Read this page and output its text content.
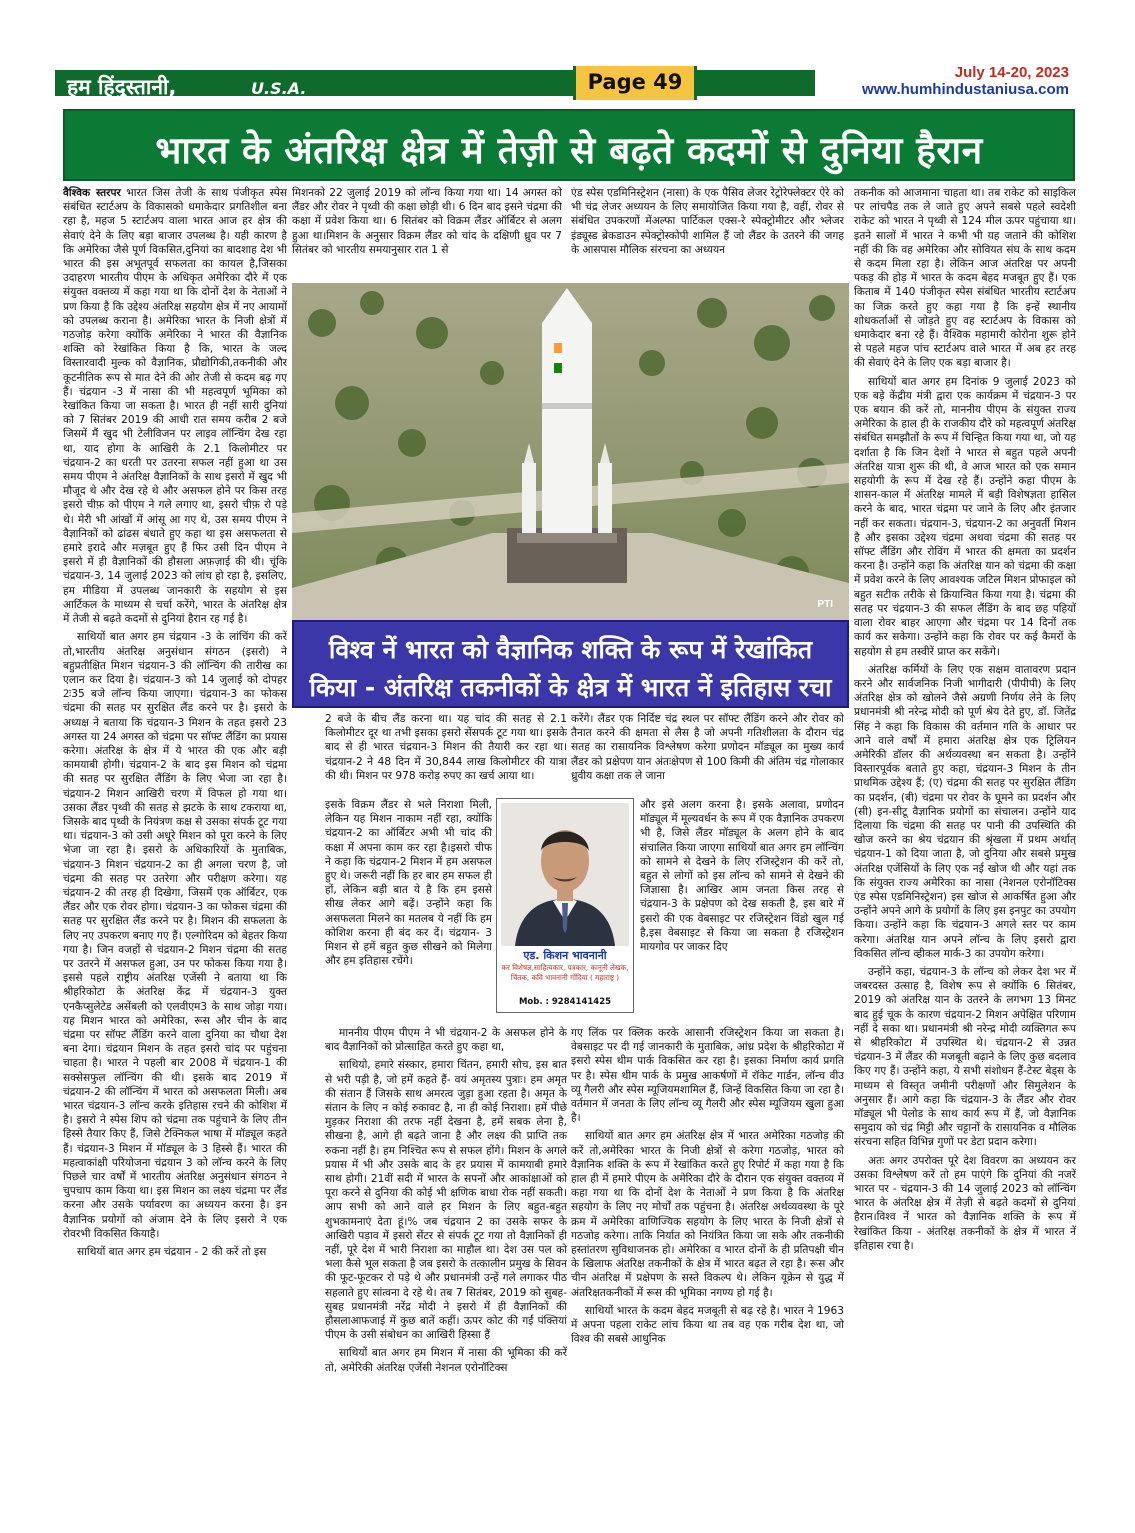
हम हिंदुस्तानी,	U.S.A.	Page 49	July 14-20, 2023
www.humhindustaniusa.com
भारत के अंतरिक्ष क्षेत्र में तेज़ी से बढ़ते कदमों से दुनिया हैरान

वैश्विक स्तरपर भारत जिस तेजी के साथ पंजीकृत स्पेस संबंधित स्टार्टअप के विकासको धमाकेदार प्रगतिशील बना रहा है, महज 5 स्टार्टअप वाला भारत आज हर क्षेत्र की सेवाएं देने के लिए बड़ा बाजार उपलब्ध है। यही कारण है कि अमेरिका जैसे पूर्ण विकसित,दुनियां का बादशाह देश भी भारत की इस अभूतपूर्व सफलता का कायल है,जिसका उदाहरण भारतीय पीएम के अधिकृत अमेरिका दौरे में एक संयुक्त वक्तव्य में कहा गया था कि दोनों देश के नेताओं ने प्रण किया है कि उद्देश्य अंतरिक्ष सहयोग क्षेत्र में नए आयामों को उपलब्ध कराना है। अमेरिका भारत के निजी क्षेत्रों में गठजोड़ करेगा क्योंकि अमेरिका ने भारत की वैज्ञानिक शक्ति को रेखांकित किया है कि, भारत के जल्द विस्तारवादी मुल्क को वैज्ञानिक, प्रौद्योगिकी,तकनीकी और कूटनीतिक रूप से मात देने की ओर तेजी से कदम बढ़ गए हैं। चंद्रयान -3 में नासा की भी महत्वपूर्ण भूमिका को रेखांकित किया जा सकता है। भारत ही नहीं सारी दुनियां को 7 सितंबर 2019 की आधी रात समय करीब 2 बजे जिसमें मैं खुद भी टेलीविजन पर लाइव लॉन्चिंग देख रहा था, याद होगा के आखिरी के 2.1 किलोमीटर पर चंद्रयान-2 का धरती पर उतरना सफल नहीं हुआ था उस समय पीएम ने अंतरिक्ष वैज्ञानिकों के साथ इसरो में खुद भी मौजूद थे और देख रहे थे और असफल होने पर किस तरह इसरो चीफ़ को पीएम ने गले लगाए था, इसरो चीफ़ रो पड़े थे। मेरी भी आंखों में आंसू आ गए थे, उस समय पीएम ने वैज्ञानिकों को ढांढस बंधाते हुए कहा था इस असफलता से हमारे इरादे और मज़बूत हुए हैं फिर उसी दिन पीएम ने इसरो में ही वैज्ञानिकों की हौसला अफ़ज़ाई की थी। चूंकि चंद्रयान-3, 14 जुलाई 2023 को लांच हो रहा है, इसलिए, हम मीडिया में उपलब्ध जानकारी के सहयोग से इस आर्टिकल के माध्यम से चर्चा करेंगे, भारत के अंतरिक्ष क्षेत्र में तेजी से बढ़ते कदमों से दुनियां हैरान रह गई है।

साथियों बात अगर हम चंद्रयान -3 के लांचिंग की करें तो,भारतीय अंतरिक्ष अनुसंधान संगठन (इसरो) ने बहुप्रतीक्षित मिशन चंद्रयान-3 की लॉन्चिंग की तारीख का एलान कर दिया है। चंद्रयान-3 को 14 जुलाई को दोपहर 2ः35 बजे लॉन्च किया जाएगा। चंद्रयान-3 का फोकस चंद्रमा की सतह पर सुरक्षित लैंड करने पर है। इसरो के अध्यक्ष ने बताया कि चंद्रयान-3 मिशन के तहत इसरो 23 अगस्त या 24 अगस्त को चंद्रमा पर सॉफ्ट लैंडिंग का प्रयास करेगा। अंतरिक्ष के क्षेत्र में ये भारत की एक और बड़ी कामयाबी होगी। चंद्रयान-2 के बाद इस मिशन को चंद्रमा की सतह पर सुरक्षित लैंडिंग के लिए भेजा जा रहा है। चंद्रयान-2 मिशन आखिरी चरण में विफल हो गया था। उसका लैंडर पृथ्वी की सतह से झटके के साथ टकराया था, जिसके बाद पृथ्वी के नियंत्रण कक्ष से उसका संपर्क टूट गया था। चंद्रयान-3 को उसी अधूरे मिशन को पूरा करने के लिए भेजा जा रहा है। इसरो के अधिकारियों के मुताबिक, चंद्रयान-3 मिशन चंद्रयान-2 का ही अगला चरण है, जो चंद्रमा की सतह पर उतरेगा और परीक्षण करेगा। यह चंद्रयान-2 की तरह ही दिखेगा, जिसमें एक ऑर्बिटर, एक लैंडर और एक रोवर होगा। चंद्रयान-3 का फोकस चंद्रमा की सतह पर सुरक्षित लैंड करने पर है। मिशन की सफलता के लिए नए उपकरण बनाए गए हैं। एल्गोरिदम को बेहतर किया गया है। जिन वजहों से चंद्रयान-2 मिशन चंद्रमा की सतह पर उतरने में असफल हुआ, उन पर फोकस किया गया है। इससे पहले राष्ट्रीय अंतरिक्ष एजेंसी ने बताया था कि श्रीहरिकोटा के अंतरिक्ष केंद्र में चंद्रयान-3 युक्त एनकैप्सुलेटेड असेंबली को एलवीएम3 के साथ जोड़ा गया। यह मिशन भारत को अमेरिका, रूस और चीन के बाद चंद्रमा पर सॉफ्ट लैंडिंग करने वाला दुनिया का चौथा देश बना देगा। चंद्रयान मिशन के तहत इसरो चांद पर पहुंचना चाहता है। भारत ने पहली बार 2008 में चंद्रयान-1 की सक्सेसफुल लॉन्चिंग की थी। इसके बाद 2019 में चंद्रयान-2 की लॉन्चिंग में भारत को असफलता मिली। अब भारत चंद्रयान-3 लॉन्च करके इतिहास रचने की कोशिश में है। इसरो ने स्पेस शिप को चंद्रमा तक पहुंचाने के लिए तीन हिस्से तैयार किए हैं, जिसे टेक्निकल भाषा में मॉड्यूल कहते हैं। चंद्रयान-3 मिशन में मॉड्यूल के 3 हिस्से हैं। भारत की महत्वाकांक्षी परियोजना चंद्रयान 3 को लॉन्च करने के लिए पिछले चार वर्षों में भारतीय अंतरिक्ष अनुसंधान संगठन ने चुपचाप काम किया था। इस मिशन का लक्ष्य चंद्रमा पर लैंड करना और उसके पर्यावरण का अध्ययन करना है। इन वैज्ञानिक प्रयोगों को अंजाम देने के लिए इसरो ने एक रोवरभी विकसित कियाहै।

साथियों बात अगर हम चंद्रयान - 2 की करें तो इस

मिशनको 22 जुलाई 2019 को लॉन्च किया गया था। 14 अगस्त को लैंडर और रोवर ने पृथ्वी की कक्षा छोड़ी थी। 6 दिन बाद इसने चंद्रमा की कक्षा में प्रवेश किया था। 6 सितंबर को विक्रम लैंडर ऑर्बिटर से अलग हुआ था।मिशन के अनुसार विक्रम लैंडर को चांद के दक्षिणी ध्रुव पर 7 सितंबर को भारतीय समयानुसार रात 1 से

एंड स्पेस एडमिनिस्ट्रेशन (नासा) के एक पैसिव लेजर रेट्रोरेफ्लेक्टर ऐरे को भी चंद्र लेजर अध्ययन के लिए समायोजित किया गया है, वहीं, रोवर से संबंधित उपकरणों मेंअल्फा पार्टिकल एक्स-रे स्पेक्ट्रोमीटर और भ्लेजर इंड्यूस्ड ब्रेकडाउन स्पेक्ट्रोस्कोपी शामिल हैं जो लैंडर के उतरने की जगह के आसपास मौलिक संरचना का अध्ययन

PTI

तकनीक को आजमाना चाहता था। तब राकेट को साइकिल पर लांचपैड तक ले जाते हुए अपने सबसे पहले स्वदेशी राकेट को भारत ने पृथ्वी से 124 मील ऊपर पहुंचाया था। इतने सालों में भारत ने कभी भी यह जताने की कोशिश नहीं की कि वह अमेरिका और सोवियत संघ के साथ कदम से कदम मिला रहा है। लेकिन आज अंतरिक्ष पर अपनी पकड़ की होड़ में भारत के कदम बेहद मजबूत हुए हैं। एक किताब में 140 पंजीकृत स्पेस संबंधित भारतीय स्टार्टअप का जिक्र करते हुए कहा गया है कि इन्हें स्थानीय शोधकर्ताओं से जोड़ते हुए वह स्टार्टअप के विकास को धमाकेदार बना रहे हैं। वैश्विक महामारी कोरोना शुरू होने से पहले महज पांच स्टार्टअप वाले भारत में अब हर तरह की सेवाएं देने के लिए एक बड़ा बाजार है।

साथियों बात अगर हम दिनांक 9 जुलाई 2023 को एक बड़े केंद्रीय मंत्री द्वारा एक कार्यक्रम में चंद्रयान-3 पर एक बयान की करें तो, माननीय पीएम के संयुक्त राज्य अमेरिका के हाल ही के राजकीय दौरे को महत्वपूर्ण अंतरिक्ष संबंधित समझौतों के रूप में चिन्हित किया गया था, जो यह दर्शाता है कि जिन देशों ने भारत से बहुत पहले अपनी अंतरिक्ष यात्रा शुरू की थी, वे आज भारत को एक समान सहयोगी के रूप में देख रहे हैं। उन्होंने कहा पीएम के शासन-काल में अंतरिक्ष मामले में बड़ी विशेषज्ञता हासिल करने के बाद, भारत चंद्रमा पर जाने के लिए और इंतजार नहीं कर सकता। चंद्रयान-3, चंद्रयान-2 का अनुवर्ती मिशन है और इसका उद्देश्य चंद्रमा अथवा चंद्रमा की सतह पर सॉफ्ट लैंडिंग और रोविंग में भारत की क्षमता का प्रदर्शन करना है। उन्होंने कहा कि अंतरिक्ष यान को चंद्रमा की कक्षा में प्रवेश करने के लिए आवश्यक जटिल मिशन प्रोफाइल को बहुत सटीक तरीके से क्रियान्वित किया गया है। चंद्रमा की सतह पर चंद्रयान-3 की सफल लैंडिंग के बाद छह पहियों वाला रोवर बाहर आएगा और चंद्रमा पर 14 दिनों तक कार्य कर सकेगा। उन्होंने कहा कि रोवर पर कई कैमरों के सहयोग से हम तस्वीरें प्राप्त कर सकेंगे।

अंतरिक्ष कर्मियों के लिए एक सक्षम वातावरण प्रदान करने और सार्वजनिक निजी भागीदारी (पीपीपी) के लिए अंतरिक्ष क्षेत्र को खोलने जैसे अग्रणी निर्णय लेने के लिए प्रधानमंत्री श्री नरेन्द्र मोदी को पूर्ण श्रेय देते हुए, डॉ. जितेंद्र सिंह ने कहा कि विकास की वर्तमान गति के आधार पर आने वाले वर्षों में हमारा अंतरिक्ष क्षेत्र एक ट्रिलियन अमेरिकी डॉलर की अर्थव्यवस्था बन सकता है। उन्होंने विस्तारपूर्वक बताते हुए कहा, चंद्रयान-3 मिशन के तीन प्राथमिक उद्देश्य हैं; (ए) चंद्रमा की सतह पर सुरक्षित लैंडिंग का प्रदर्शन, (बी) चंद्रमा पर रोवर के घूमने का प्रदर्शन और (सी) इन-सीटू वैज्ञानिक प्रयोगों का संचालन। उन्होंने याद दिलाया कि चंद्रमा की सतह पर पानी की उपस्थिति की खोज करने का श्रेय चंद्रयान की श्रृंखला में प्रथम अर्थात् चंद्रयान-1 को दिया जाता है, जो दुनिया और सबसे प्रमुख अंतरिक्ष एजेंसियों के लिए एक नई खोज थी और यहां तक कि संयुक्त राज्य अमेरिका का नासा (नेशनल एरोनॉटिक्स एंड स्पेस एडमिनिस्ट्रेशन) इस खोज से आकर्षित हुआ और उन्होंने अपने आगे के प्रयोगों के लिए इस इनपुट का उपयोग किया। उन्होंने कहा कि चंद्रयान-3 अगले स्तर पर काम करेगा। अंतरिक्ष यान अपने लॉन्च के लिए इसरो द्वारा विकसित लॉन्च व्हीकल मार्क-3 का उपयोग करेगा।

उन्होंने कहा, चंद्रयान-3 के लॉन्च को लेकर देश भर में जबरदस्त उत्साह है, विशेष रूप से क्योंकि 6 सितंबर, 2019 को अंतरिक्ष यान के उतरने के लगभग 13 मिनट बाद हुई चूक के कारण चंद्रयान-2 मिशन अपेक्षित परिणाम नहीं दे सका था। प्रधानमंत्री श्री नरेन्द्र मोदी व्यक्तिगत रूप से श्रीहरिकोटा में उपस्थित थे। चंद्रयान-2 से उन्नत चंद्रयान-3 में लैंडर की मजबूती बढ़ाने के लिए कुछ बदलाव किए गए हैं। उन्होंने कहा, ये सभी संशोधन हैं-टेस्ट बेड्स के माध्यम से विस्तृत जमीनी परीक्षणों और सिमुलेशन के अनुसार हैं। आगे कहा कि चंद्रयान-3 के लैंडर और रोवर मॉड्यूल भी पेलोड के साथ कार्य रूप में हैं, जो वैज्ञानिक समुदाय को चंद्र मिट्टी और चट्टानों के रासायनिक व मौलिक संरचना सहित विभिन्न गुणों पर डेटा प्रदान करेगा।

अतः अगर उपरोक्त पूरे देश विवरण का अध्ययन कर उसका विश्लेषण करें तो हम पाएंगे कि दुनियां की नजरें भारत पर - चंद्रयान-3 की 14 जुलाई 2023 को लॉन्चिंग भारत के अंतरिक्ष क्षेत्र में तेज़ी से बढ़ते कदमों से दुनियां हैरान।विश्व नें भारत को वैज्ञानिक शक्ति के रूप में रेखांकित किया - अंतरिक्ष तकनीकों के क्षेत्र में भारत नें इतिहास रचा है।

विश्व नें भारत को वैज्ञानिक शक्ति के रूप में रेखांकित
किया - अंतरिक्ष तकनीकों के क्षेत्र में भारत नें इतिहास रचा

2 बजे के बीच लैंड करना था। यह चांद की सतह से 2.1 किलोमीटर दूर था तभी इसका इसरो सेंसपर्क टूट गया था। इसके बाद से ही भारत चंद्रयान-3 मिशन की तैयारी कर रहा था।चंद्रयान-2 ने 48 दिन में 30,844 लाख किलोमीटर की यात्रा की थी। मिशन पर 978 करोड़ रुपए का खर्च आया था।

इसके विक्रम लैंडर से भले निराशा मिली, लेकिन यह मिशन नाकाम नहीं रहा, क्योंकि चंद्रयान-2 का ऑर्बिटर अभी भी चांद की कक्षा में अपना काम कर रहा है।इसरो चीफ ने कहा कि चंद्रयान-2 मिशन में हम असफल हुए थे। जरूरी नहीं कि हर बार हम सफल ही हों, लेकिन बड़ी बात ये है कि हम इससे सीख लेकर आगे बढ़ें। उन्होंने कहा कि असफलता मिलने का मतलब ये नहीं कि हम कोशिश करना ही बंद कर दें। चंद्रयान- 3 मिशन से हमें बहुत कुछ सीखने को मिलेगा और हम इतिहास रचेंगे।

माननीय पीएम पीएम ने भी चंद्रयान-2 के असफल होने के बाद वैज्ञानिकों को प्रोत्साहित करते हुए कहा था,

साथियो, हमारे संस्कार, हमारा चिंतन, हमारी सोच, इस बात से भरी पड़ी है, जो हमें कहते हैं- वयं अमृतस्य पुत्राः। हम अमृत की संतान हैं जिसके साथ अमरत्व जुड़ा हुआ रहता है। अमृत के संतान के लिए न कोई रुकावट है, ना ही कोई निराशा। हमें पीछे मुड़कर निराशा की तरफ नहीं देखना है, हमें सबक लेना है, सीखना है, आगे ही बढ़ते जाना है और लक्ष्य की प्राप्ति तक रुकना नहीं है। हम निश्चित रूप से सफल होंगे। मिशन के अगले प्रयास में भी और उसके बाद के हर प्रयास में कामयाबी हमारे साथ होगी। 21वीं सदी में भारत के सपनों और आकांक्षाओं को पूरा करने से दुनिया की कोई भी क्षणिक बाधा रोक नहीं सकती। आप सभी को आने वाले हर मिशन के लिए बहुत-बहुत शुभकामनाएं देता हूं।% जब चंद्रयान 2 का उसके सफर के आखिरी पड़ाव में इसरो सेंटर से संपर्क टूट गया तो वैज्ञानिकों ही नहीं, पूरे देश में भारी निराशा का माहौल था। देश उस पल को भला कैसे भूल सकता है जब इसरो के तत्कालीन प्रमुख के सिवन की फूट-फूटकर रो पड़े थे और प्रधानमंत्री उन्हें गले लगाकर पीठ सहलाते हुए सांत्वना दे रहे थे। तब 7 सितंबर, 2019 को सुबह-सुबह प्रधानमंत्री नरेंद्र मोदी ने इसरो में ही वैज्ञानिकों की हौसलाआफजाई में कुछ बातें कहीं। ऊपर कोट की गईं पंक्तियां पीएम के उसी संबोधन का आखिरी हिस्सा हैं

साथियों बात अगर हम मिशन में नासा की भूमिका की करें तो, अमेरिकी अंतरिक्ष एजेंसी नेशनल एरोनॉटिक्स

करेंगे। लैंडर एक निर्दिष्ट चंद्र स्थल पर सॉफ्ट लैंडिंग करने और रोवर को तैनात करने की क्षमता से लैस है जो अपनी गतिशीलता के दौरान चंद्र सतह का रासायनिक विश्लेषण करेगा प्रणोदन मॉड्यूल का मुख्य कार्य लैंडर को प्रक्षेपण यान अंतःक्षेपण से 100 किमी की अंतिम चंद्र गोलाकार ध्रुवीय कक्षा तक ले जाना

और इसे अलग करना है। इसके अलावा, प्रणोदन मॉड्यूल में मूल्यवर्धन के रूप में एक वैज्ञानिक उपकरण भी है, जिसे लैंडर मॉड्यूल के अलग होने के बाद संचालित किया जाएगा साथियों बात अगर हम लॉन्चिंग को सामने से देखने के लिए रजिस्ट्रेशन की करें तो, बहुत से लोगों को इस लॉन्च को सामने से देखने की जिज्ञासा है। आखिर आम जनता किस तरह से चंद्रयान-3 के प्रक्षेपण को देख सकती है, इस बारे में इसरो की एक वेबसाइट पर रजिस्ट्रेशन विंडो खुल गई है,इस वेबसाइट से किया जा सकता है रजिस्ट्रेशन मायगोव पर जाकर दिए

गए लिंक पर क्लिक करके आसानी रजिस्ट्रेशन किया जा सकता है। वेबसाइट पर दी गई जानकारी के मुताबिक, आंध्र प्रदेश के श्रीहरिकोटा में इसरो स्पेस थीम पार्क विकसित कर रहा है। इसका निर्माण कार्य प्रगति पर है। स्पेस थीम पार्क के प्रमुख आकर्षणों में रॉकेट गार्डन, लॉन्च वीउ व्यू गैलरी और स्पेस म्यूजियमशामिल हैं, जिन्हें विकसित किया जा रहा है। वर्तमान में जनता के लिए लॉन्च व्यू गैलरी और स्पेस म्यूजियम खुला हुआ है।

साथियों बात अगर हम अंतरिक्ष क्षेत्र में भारत अमेरिका गठजोड़ की करें तो,अमेरिका भारत के निजी क्षेत्रों से करेगा गठजोड़, भारत को वैज्ञानिक शक्ति के रूप में रेखांकित करते हुए रिपोर्ट में कहा गया है कि हाल ही में हमारे पीएम के अमेरिका दौरे के दौरान एक संयुक्त वक्तव्य में कहा गया था कि दोनों देश के नेताओं ने प्रण किया है कि अंतरिक्ष सहयोग के लिए नए मोर्चों तक पहुंचना है। अंतरिक्ष अर्थव्यवस्था के पूरे क्रम में अमेरिका वाणिज्यिक सहयोग के लिए भारत के निजी क्षेत्रों से गठजोड़ करेगा। ताकि निर्यात को नियंत्रित किया जा सके और तकनीकी हस्तांतरण सुविधाजनक हो। अमेरिका व भारत दोनों के ही प्रतिपक्षी चीन के खिलाफ अंतरिक्ष तकनीकों के क्षेत्र में भारत बढ़त ले रहा है। रूस और चीन अंतरिक्ष में प्रक्षेपण के सस्ते विकल्प थे। लेकिन यूक्रेन से युद्ध में अंतरिक्षतकनीकों में रूस की भूमिका नगण्य हो गई है।

साथियों भारत के कदम बेहद मजबूती से बढ़ रहे है। भारत ने 1963 में अपना पहला राकेट लांच किया था तब वह एक गरीब देश था, जो विश्व की सबसे आधुनिक

एड. किशन भावनानी
कर विशेषज्ञ,साहित्यकार, पत्रकार, कानूनी लेखक, चिंतक, कवि भावनानी गोंदिया ( महाराष्ट्र )
Mob. : 9284141425
